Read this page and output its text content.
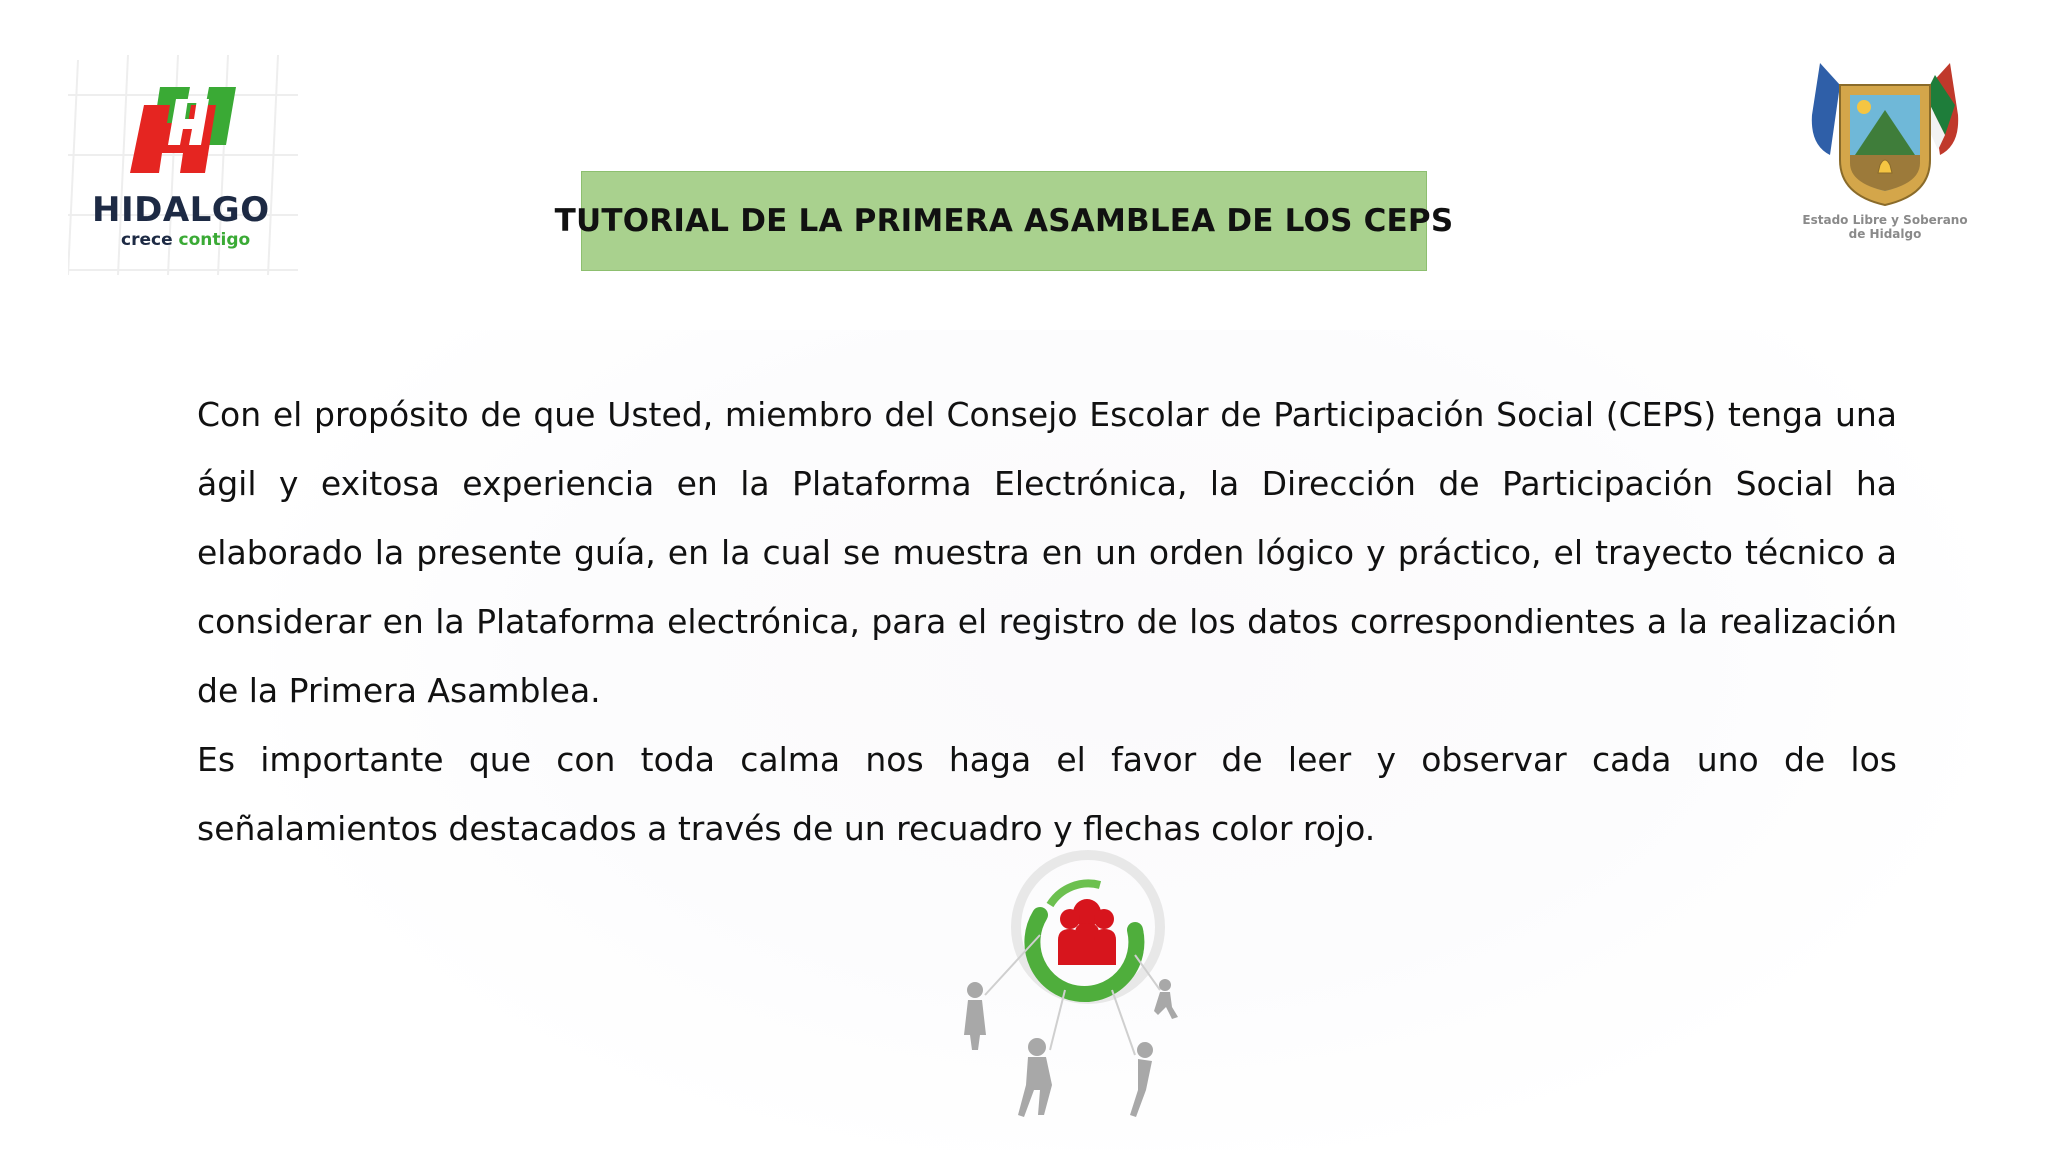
HIDALGO
crece contigo
Estado Libre y Soberano
de Hidalgo
TUTORIAL DE LA PRIMERA ASAMBLEA DE LOS CEPS

Con el propósito de que Usted, miembro del Consejo Escolar de Participación Social (CEPS) tenga una ágil y exitosa experiencia en la Plataforma Electrónica, la Dirección de Participación Social ha elaborado la presente guía, en la cual se muestra en un orden lógico y práctico, el trayecto técnico a considerar en la Plataforma electrónica, para el registro de los datos correspondientes a la realización de la Primera Asamblea.

Es importante que con toda calma nos haga el favor de leer y observar cada uno de los señalamientos destacados a través de un recuadro y flechas color rojo.
